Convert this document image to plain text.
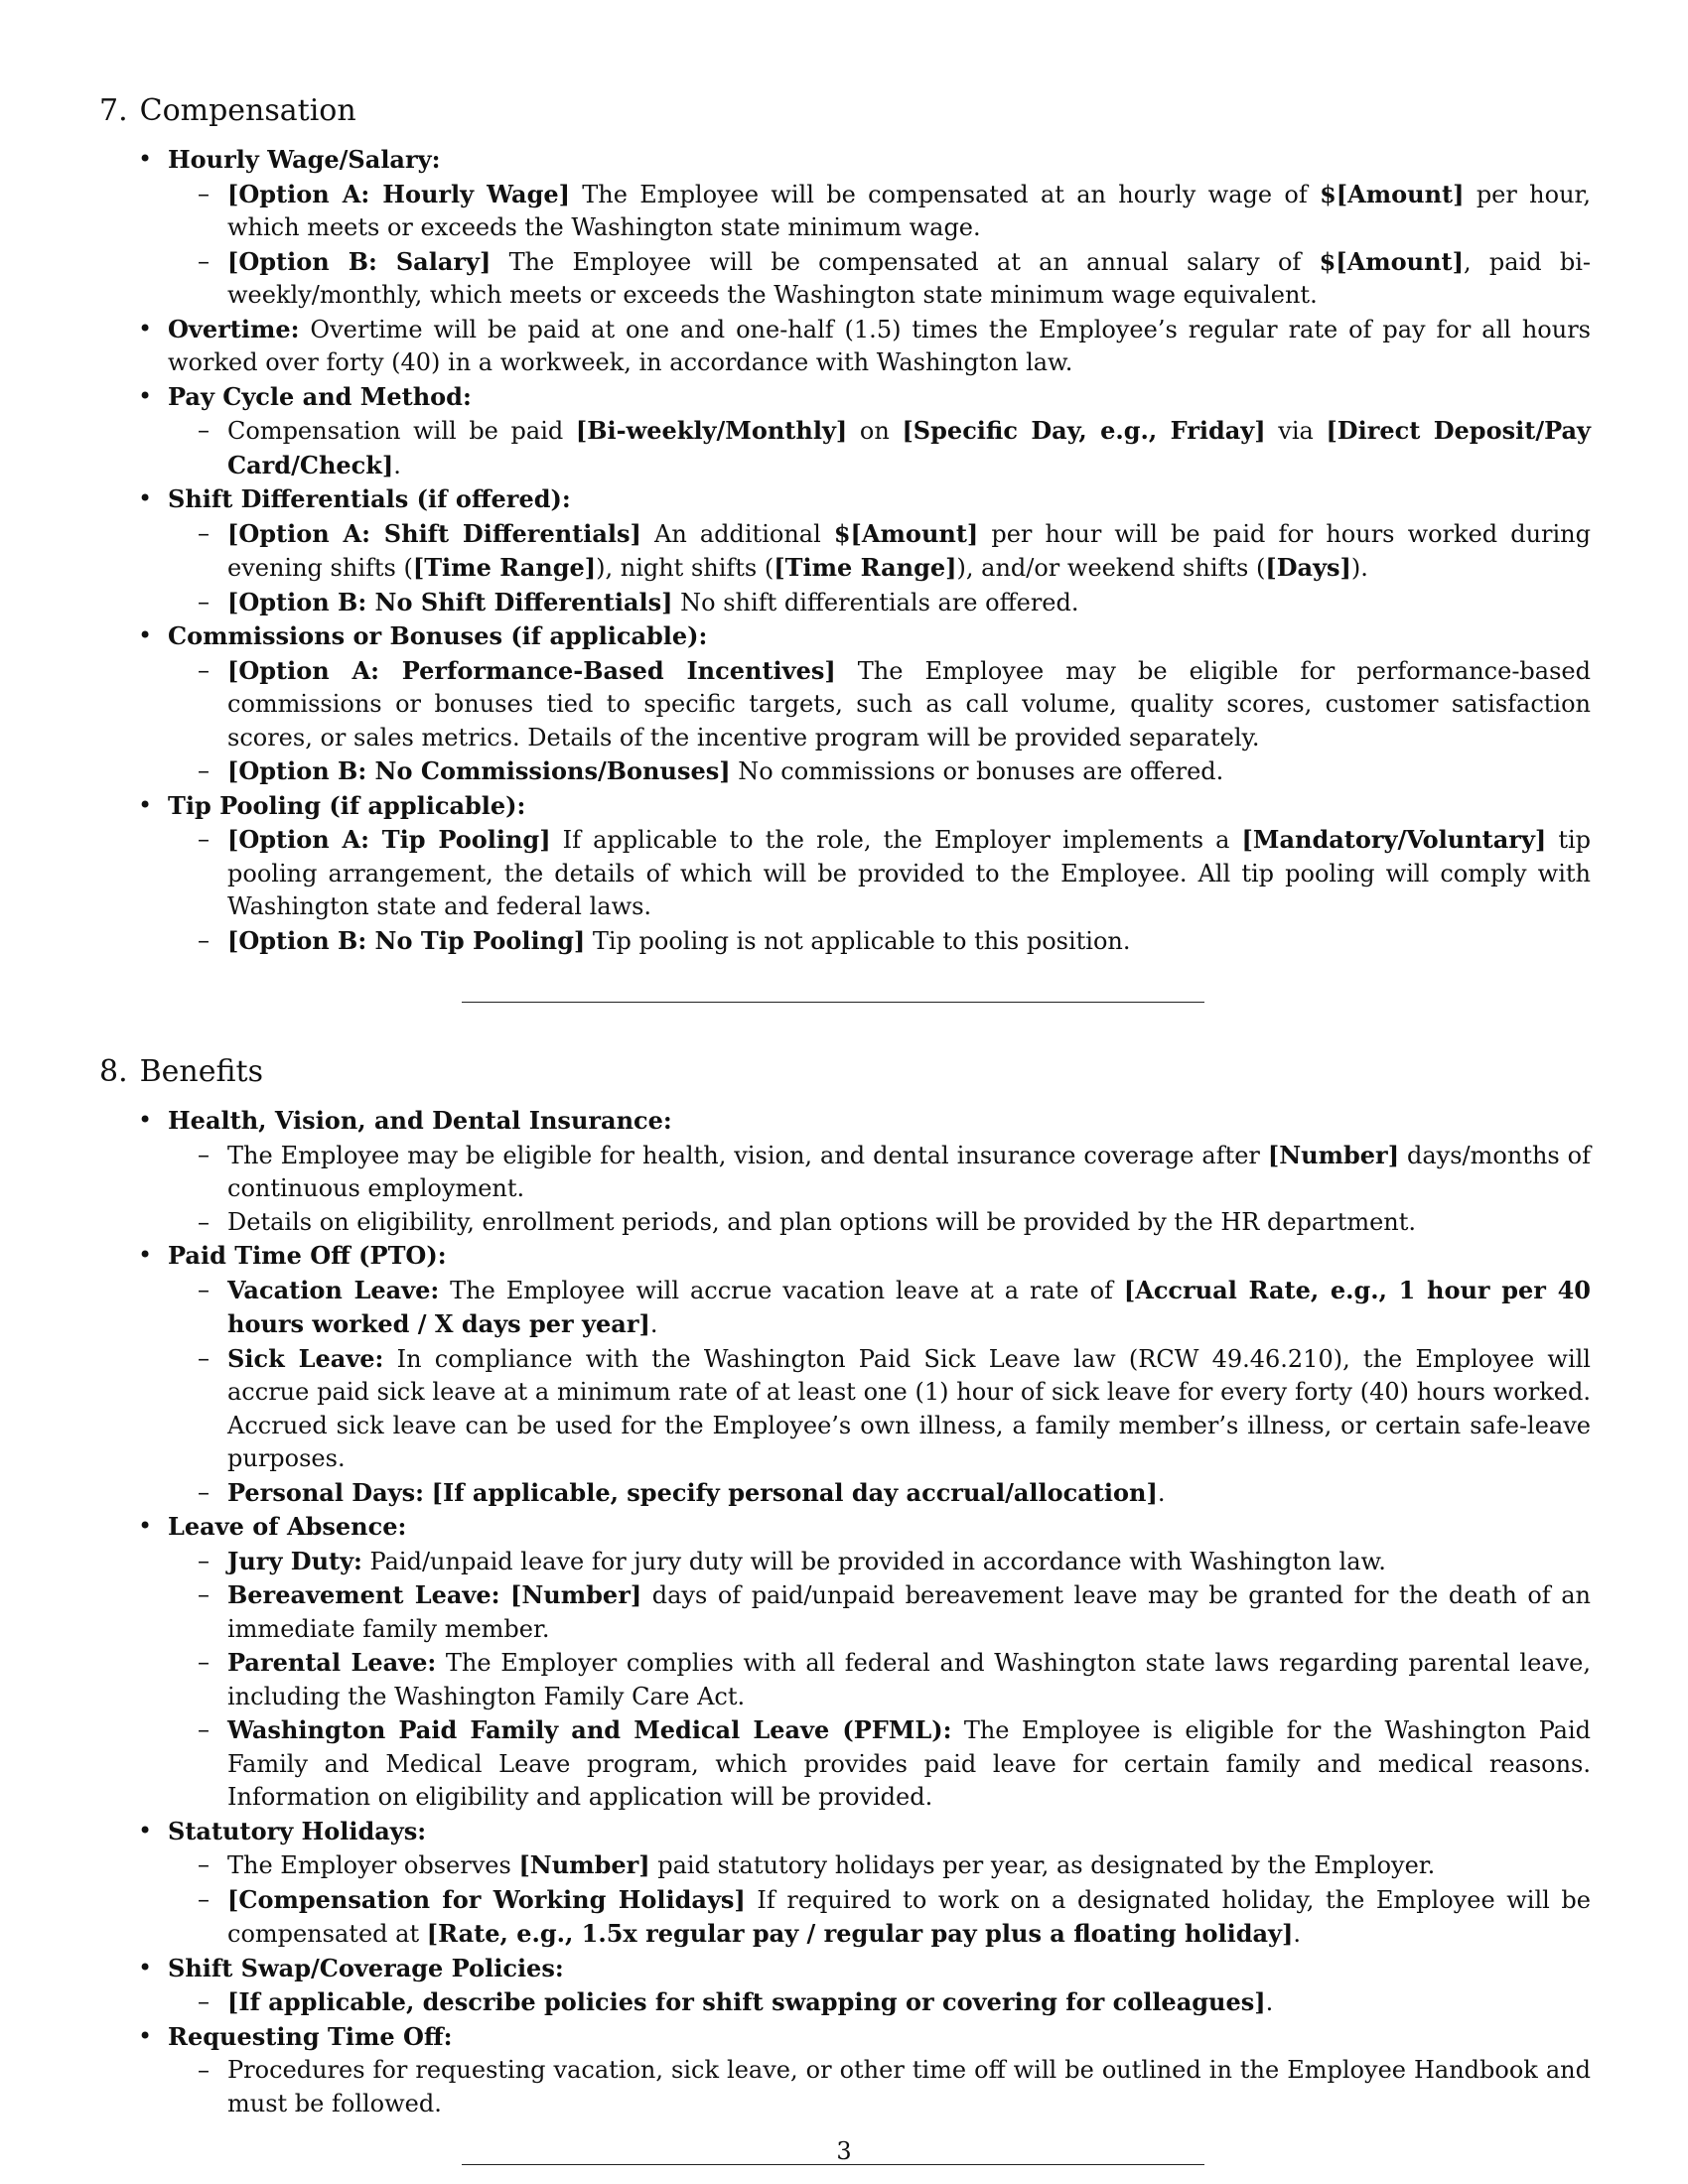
7. Compensation
• Hourly Wage/Salary:
– [Option A: Hourly Wage] The Employee will be compensated at an hourly wage of $[Amount] per hour, which meets or exceeds the Washington state minimum wage.
– [Option B: Salary] The Employee will be compensated at an annual salary of $[Amount], paid bi-weekly/monthly, which meets or exceeds the Washington state minimum wage equivalent.
• Overtime: Overtime will be paid at one and one-half (1.5) times the Employee’s regular rate of pay for all hours worked over forty (40) in a workweek, in accordance with Washington law.
• Pay Cycle and Method:
– Compensation will be paid [Bi-weekly/Monthly] on [Specific Day, e.g., Friday] via [Direct Deposit/Pay Card/Check].
• Shift Differentials (if offered):
– [Option A: Shift Differentials] An additional $[Amount] per hour will be paid for hours worked during evening shifts ([Time Range]), night shifts ([Time Range]), and/or weekend shifts ([Days]).
– [Option B: No Shift Differentials] No shift differentials are offered.
• Commissions or Bonuses (if applicable):
– [Option A: Performance-Based Incentives] The Employee may be eligible for performance-based commissions or bonuses tied to specific targets, such as call volume, quality scores, customer satisfaction scores, or sales metrics. Details of the incentive program will be provided separately.
– [Option B: No Commissions/Bonuses] No commissions or bonuses are offered.
• Tip Pooling (if applicable):
– [Option A: Tip Pooling] If applicable to the role, the Employer implements a [Mandatory/Voluntary] tip pooling arrangement, the details of which will be provided to the Employee. All tip pooling will comply with Washington state and federal laws.
– [Option B: No Tip Pooling] Tip pooling is not applicable to this position.
8. Benefits
• Health, Vision, and Dental Insurance:
– The Employee may be eligible for health, vision, and dental insurance coverage after [Number] days/months of continuous employment.
– Details on eligibility, enrollment periods, and plan options will be provided by the HR department.
• Paid Time Off (PTO):
– Vacation Leave: The Employee will accrue vacation leave at a rate of [Accrual Rate, e.g., 1 hour per 40 hours worked / X days per year].
– Sick Leave: In compliance with the Washington Paid Sick Leave law (RCW 49.46.210), the Employee will accrue paid sick leave at a minimum rate of at least one (1) hour of sick leave for every forty (40) hours worked. Accrued sick leave can be used for the Employee’s own illness, a family member’s illness, or certain safe-leave purposes.
– Personal Days: [If applicable, specify personal day accrual/allocation].
• Leave of Absence:
– Jury Duty: Paid/unpaid leave for jury duty will be provided in accordance with Washington law.
– Bereavement Leave: [Number] days of paid/unpaid bereavement leave may be granted for the death of an immediate family member.
– Parental Leave: The Employer complies with all federal and Washington state laws regarding parental leave, including the Washington Family Care Act.
– Washington Paid Family and Medical Leave (PFML): The Employee is eligible for the Washington Paid Family and Medical Leave program, which provides paid leave for certain family and medical reasons. Information on eligibility and application will be provided.
• Statutory Holidays:
– The Employer observes [Number] paid statutory holidays per year, as designated by the Employer.
– [Compensation for Working Holidays] If required to work on a designated holiday, the Employee will be compensated at [Rate, e.g., 1.5x regular pay / regular pay plus a floating holiday].
• Shift Swap/Coverage Policies:
– [If applicable, describe policies for shift swapping or covering for colleagues].
• Requesting Time Off:
– Procedures for requesting vacation, sick leave, or other time off will be outlined in the Employee Handbook and must be followed.
3
